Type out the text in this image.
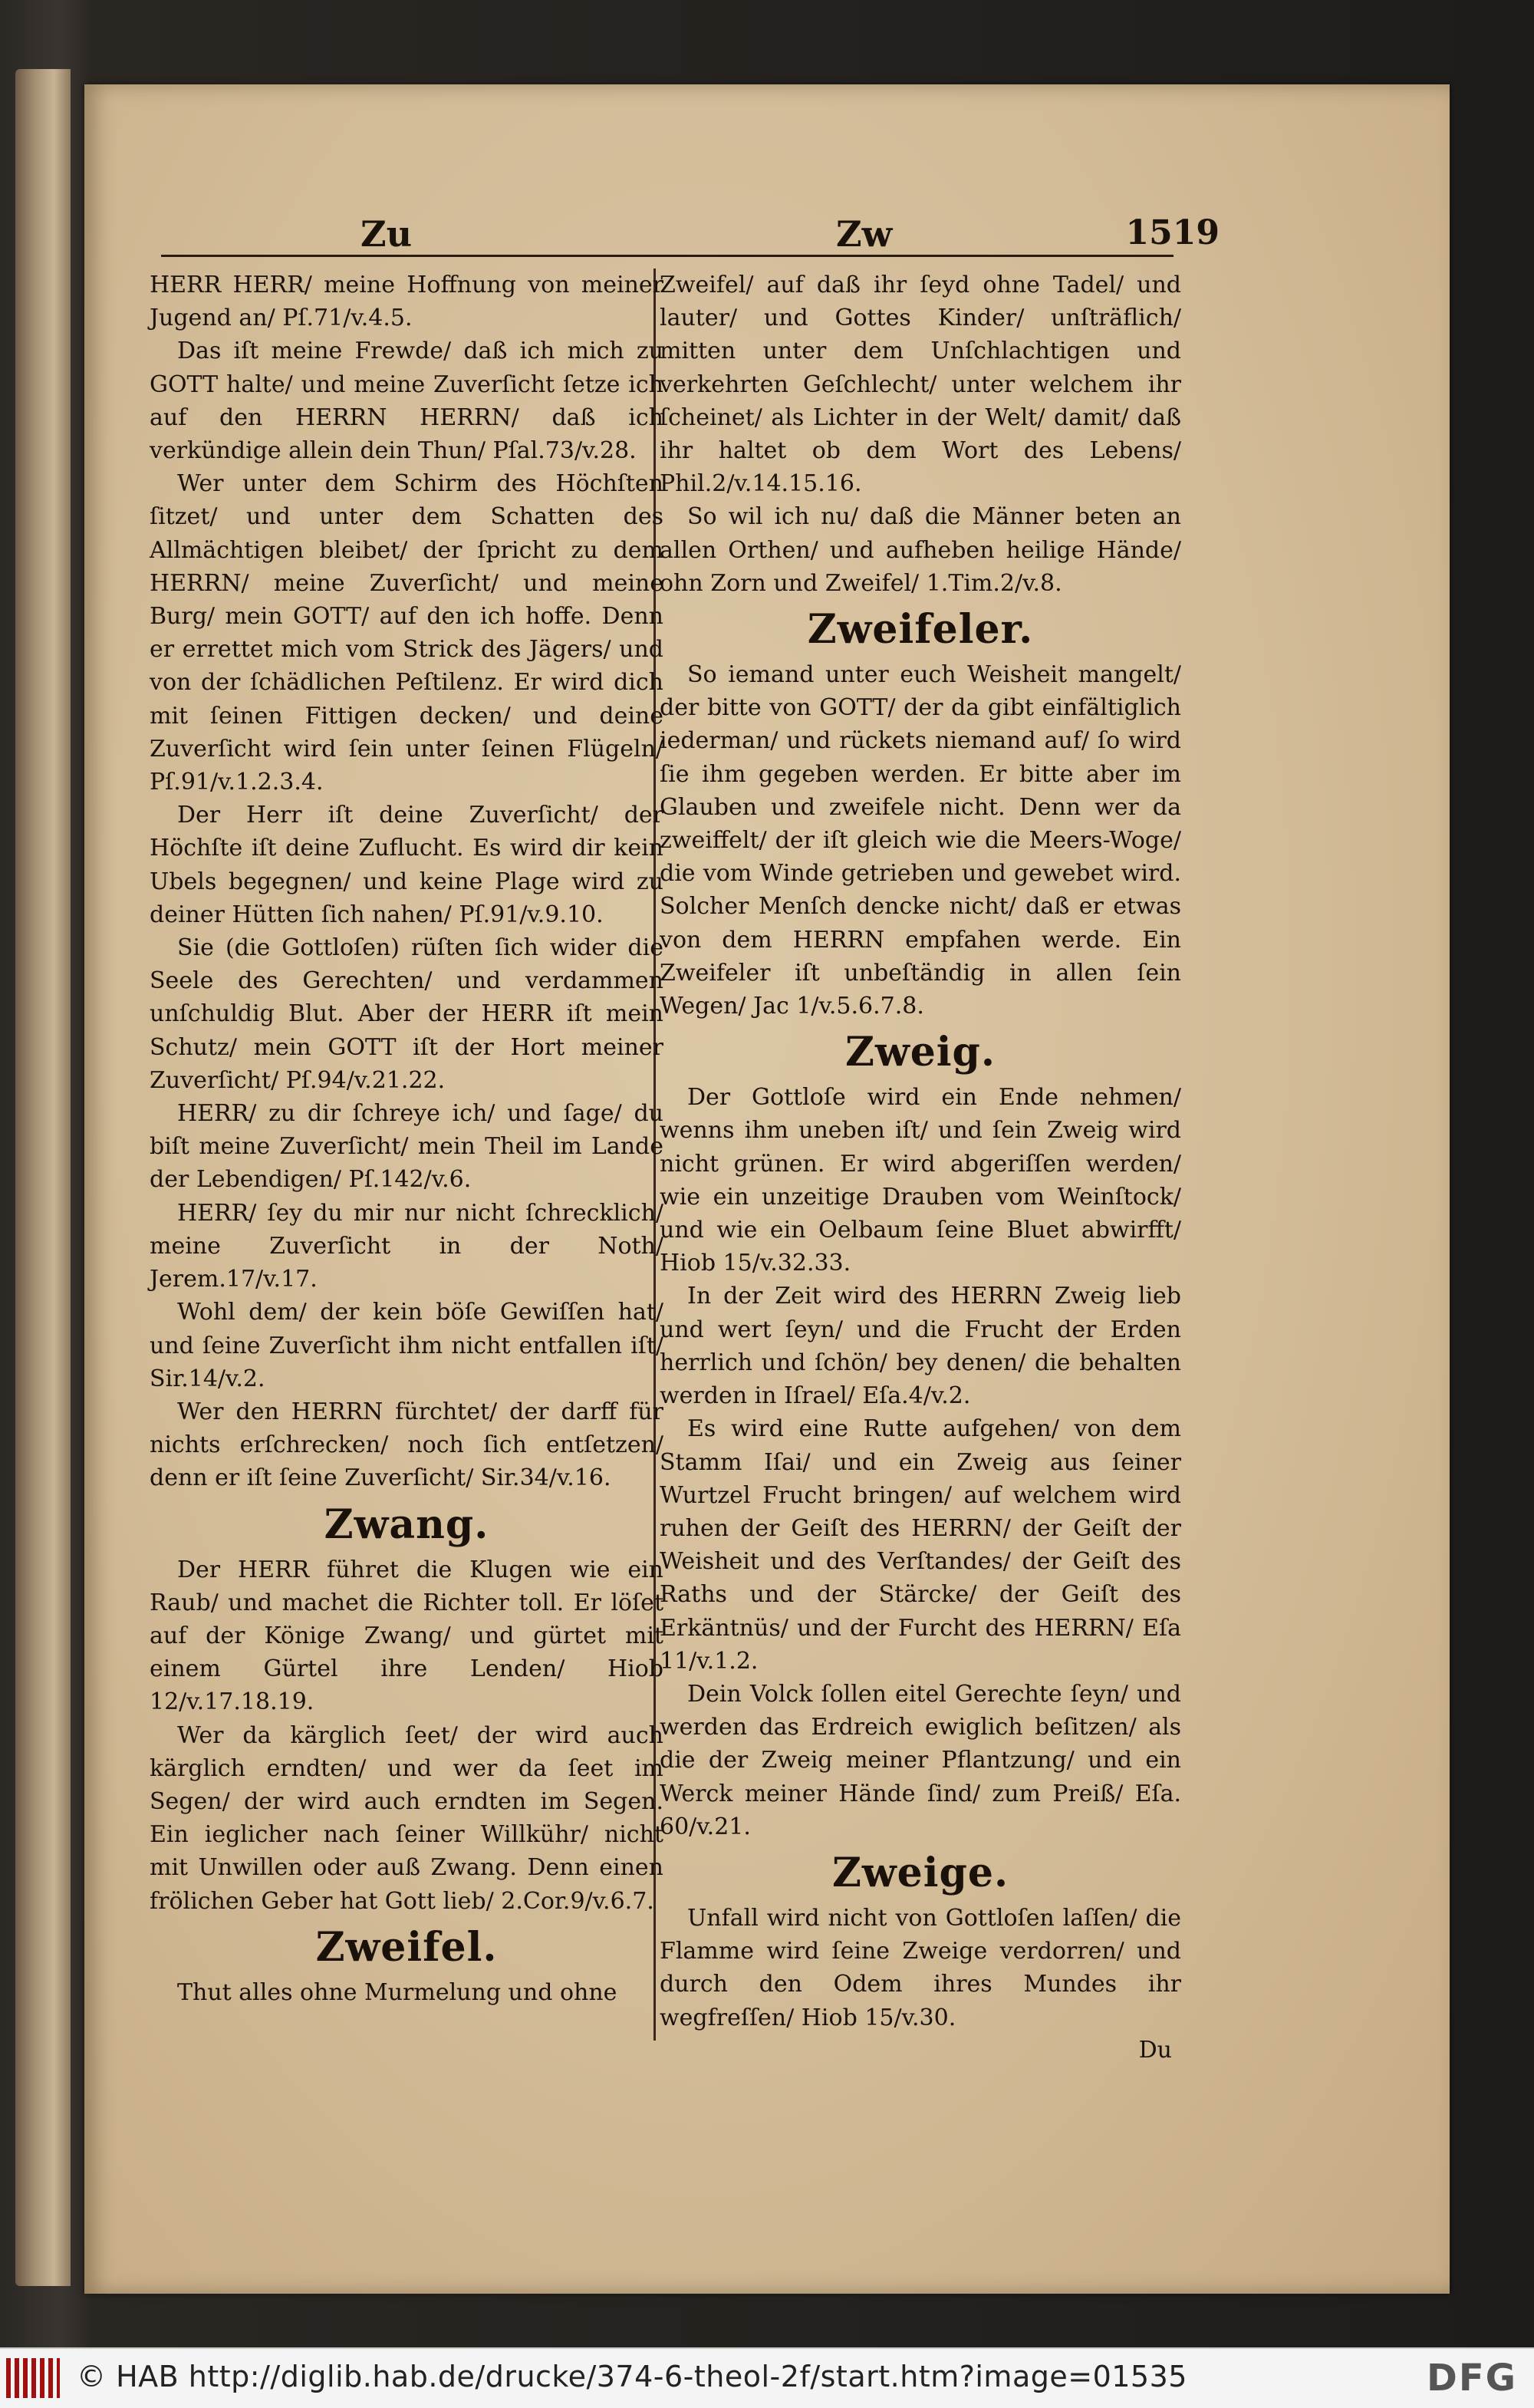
Zu	Zw	1519

HERR HERR/ meine Hoffnung von meiner Jugend an/ Pſ.71/v.4.5.

Das iſt meine Frewde/ daß ich mich zu GOTT halte/ und meine Zuverſicht ſetze ich auf den HERRN HERRN/ daß ich verkündige allein dein Thun/ Pſal.73/v.28.

Wer unter dem Schirm des Höchſten ſitzet/ und unter dem Schatten des Allmächtigen bleibet/ der ſpricht zu dem HERRN/ meine Zuverſicht/ und meine Burg/ mein GOTT/ auf den ich hoffe. Denn er errettet mich vom Strick des Jägers/ und von der ſchädlichen Peſtilenz. Er wird dich mit ſeinen Fittigen decken/ und deine Zuverſicht wird ſein unter ſeinen Flügeln/ Pſ.91/v.1.2.3.4.

Der Herr iſt deine Zuverſicht/ der Höchſte iſt deine Zuflucht. Es wird dir kein Ubels begegnen/ und keine Plage wird zu deiner Hütten ſich nahen/ Pſ.91/v.9.10.

Sie (die Gottloſen) rüſten ſich wider die Seele des Gerechten/ und verdammen unſchuldig Blut. Aber der HERR iſt mein Schutz/ mein GOTT iſt der Hort meiner Zuverſicht/ Pſ.94/v.21.22.

HERR/ zu dir ſchreye ich/ und ſage/ du biſt meine Zuverſicht/ mein Theil im Lande der Lebendigen/ Pſ.142/v.6.

HERR/ ſey du mir nur nicht ſchrecklich/ meine Zuverſicht in der Noth/ Jerem.17/v.17.

Wohl dem/ der kein böſe Gewiſſen hat/ und ſeine Zuverſicht ihm nicht entfallen iſt/ Sir.14/v.2.

Wer den HERRN fürchtet/ der darff für nichts erſchrecken/ noch ſich entſetzen/ denn er iſt ſeine Zuverſicht/ Sir.34/v.16.

Zwang.

Der HERR führet die Klugen wie ein Raub/ und machet die Richter toll. Er löſet auf der Könige Zwang/ und gürtet mit einem Gürtel ihre Lenden/ Hiob 12/v.17.18.19.

Wer da kärglich ſeet/ der wird auch kärglich erndten/ und wer da ſeet im Segen/ der wird auch erndten im Segen. Ein ieglicher nach ſeiner Willkühr/ nicht mit Unwillen oder auß Zwang. Denn einen frölichen Geber hat Gott lieb/ 2.Cor.9/v.6.7.

Zweifel.

Thut alles ohne Murmelung und ohne

Zweifel/ auf daß ihr ſeyd ohne Tadel/ und lauter/ und Gottes Kinder/ unſträflich/ mitten unter dem Unſchlachtigen und verkehrten Geſchlecht/ unter welchem ihr ſcheinet/ als Lichter in der Welt/ damit/ daß ihr haltet ob dem Wort des Lebens/ Phil.2/v.14.15.16.

So wil ich nu/ daß die Männer beten an allen Orthen/ und aufheben heilige Hände/ ohn Zorn und Zweifel/ 1.Tim.2/v.8.

Zweifeler.

So iemand unter euch Weisheit mangelt/ der bitte von GOTT/ der da gibt einfältiglich iederman/ und rückets niemand auf/ ſo wird ſie ihm gegeben werden. Er bitte aber im Glauben und zweifele nicht. Denn wer da zweiffelt/ der iſt gleich wie die Meers-Woge/ die vom Winde getrieben und gewebet wird. Solcher Menſch dencke nicht/ daß er etwas von dem HERRN empfahen werde. Ein Zweifeler iſt unbeſtändig in allen ſein Wegen/ Jac 1/v.5.6.7.8.

Zweig.

Der Gottloſe wird ein Ende nehmen/ wenns ihm uneben iſt/ und ſein Zweig wird nicht grünen. Er wird abgeriſſen werden/ wie ein unzeitige Drauben vom Weinſtock/ und wie ein Oelbaum ſeine Bluet abwirfft/ Hiob 15/v.32.33.

In der Zeit wird des HERRN Zweig lieb und wert ſeyn/ und die Frucht der Erden herrlich und ſchön/ bey denen/ die behalten werden in Iſrael/ Eſa.4/v.2.

Es wird eine Rutte aufgehen/ von dem Stamm Iſai/ und ein Zweig aus ſeiner Wurtzel Frucht bringen/ auf welchem wird ruhen der Geiſt des HERRN/ der Geiſt der Weisheit und des Verſtandes/ der Geiſt des Raths und der Stärcke/ der Geiſt des Erkäntnüs/ und der Furcht des HERRN/ Eſa 11/v.1.2.

Dein Volck ſollen eitel Gerechte ſeyn/ und werden das Erdreich ewiglich beſitzen/ als die der Zweig meiner Pflantzung/ und ein Werck meiner Hände ſind/ zum Preiß/ Eſa. 60/v.21.

Zweige.

Unfall wird nicht von Gottloſen laſſen/ die Flamme wird ſeine Zweige verdorren/ und durch den Odem ihres Mundes ihr wegfreſſen/ Hiob 15/v.30.

Du
© HAB http://diglib.hab.de/drucke/374-6-theol-2f/start.htm?image=01535	DFG
